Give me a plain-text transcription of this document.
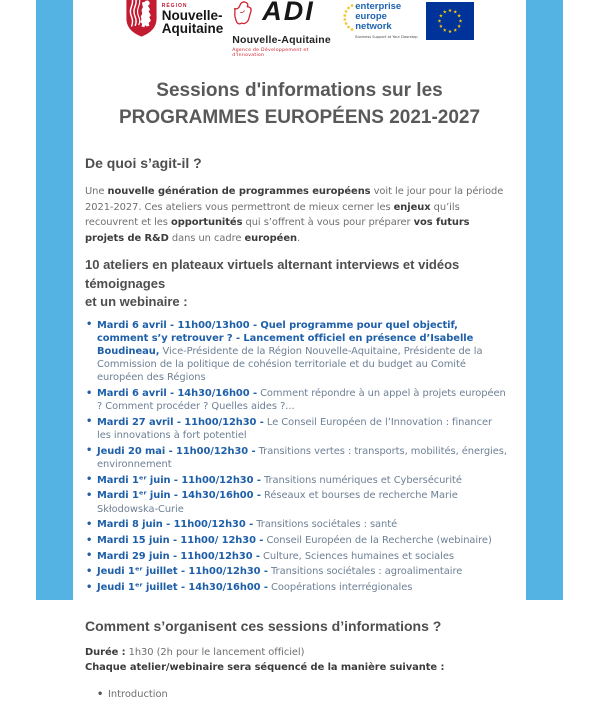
RÉGION
Nouvelle-
Aquitaine
ADI
Nouvelle-Aquitaine
Agence de Développement et d'Innovation
enterprise
europe
network
Business Support at Your Doorstep
Sessions d'informations sur les
PROGRAMMES EUROPÉENS 2021-2027
De quoi s’agit-il ?
Une nouvelle génération de programmes européens voit le jour pour la période 2021-2027. Ces ateliers vous permettront de mieux cerner les enjeux qu’ils recouvrent et les opportunités qui s’offrent à vous pour préparer vos futurs projets de R&D dans un cadre européen.
10 ateliers en plateaux virtuels alternant interviews et vidéos témoignages
et un webinaire :
• Mardi 6 avril - 11h00/13h00 - Quel programme pour quel objectif, comment s’y retrouver ? - Lancement officiel en présence d’Isabelle Boudineau, Vice-Présidente de la Région Nouvelle-Aquitaine, Présidente de la Commission de la politique de cohésion territoriale et du budget au Comité européen des Régions
• Mardi 6 avril - 14h30/16h00 - Comment répondre à un appel à projets européen ? Comment procéder ? Quelles aides ?...
• Mardi 27 avril - 11h00/12h30 - Le Conseil Européen de l’Innovation : financer les innovations à fort potentiel
• Jeudi 20 mai - 11h00/12h30 - Transitions vertes : transports, mobilités, énergies, environnement
• Mardi 1ᵉʳ juin - 11h00/12h30 - Transitions numériques et Cybersécurité
• Mardi 1ᵉʳ juin - 14h30/16h00 - Réseaux et bourses de recherche Marie Skłodowska-Curie
• Mardi 8 juin - 11h00/12h30 - Transitions sociétales : santé
• Mardi 15 juin - 11h00/ 12h30 - Conseil Européen de la Recherche (webinaire)
• Mardi 29 juin - 11h00/12h30 - Culture, Sciences humaines et sociales
• Jeudi 1ᵉʳ juillet - 11h00/12h30 - Transitions sociétales : agroalimentaire
• Jeudi 1ᵉʳ juillet - 14h30/16h00 - Coopérations interrégionales
Comment s’organisent ces sessions d’informations ?
Durée : 1h30 (2h pour le lancement officiel)
Chaque atelier/webinaire sera séquencé de la manière suivante :
• Introduction
